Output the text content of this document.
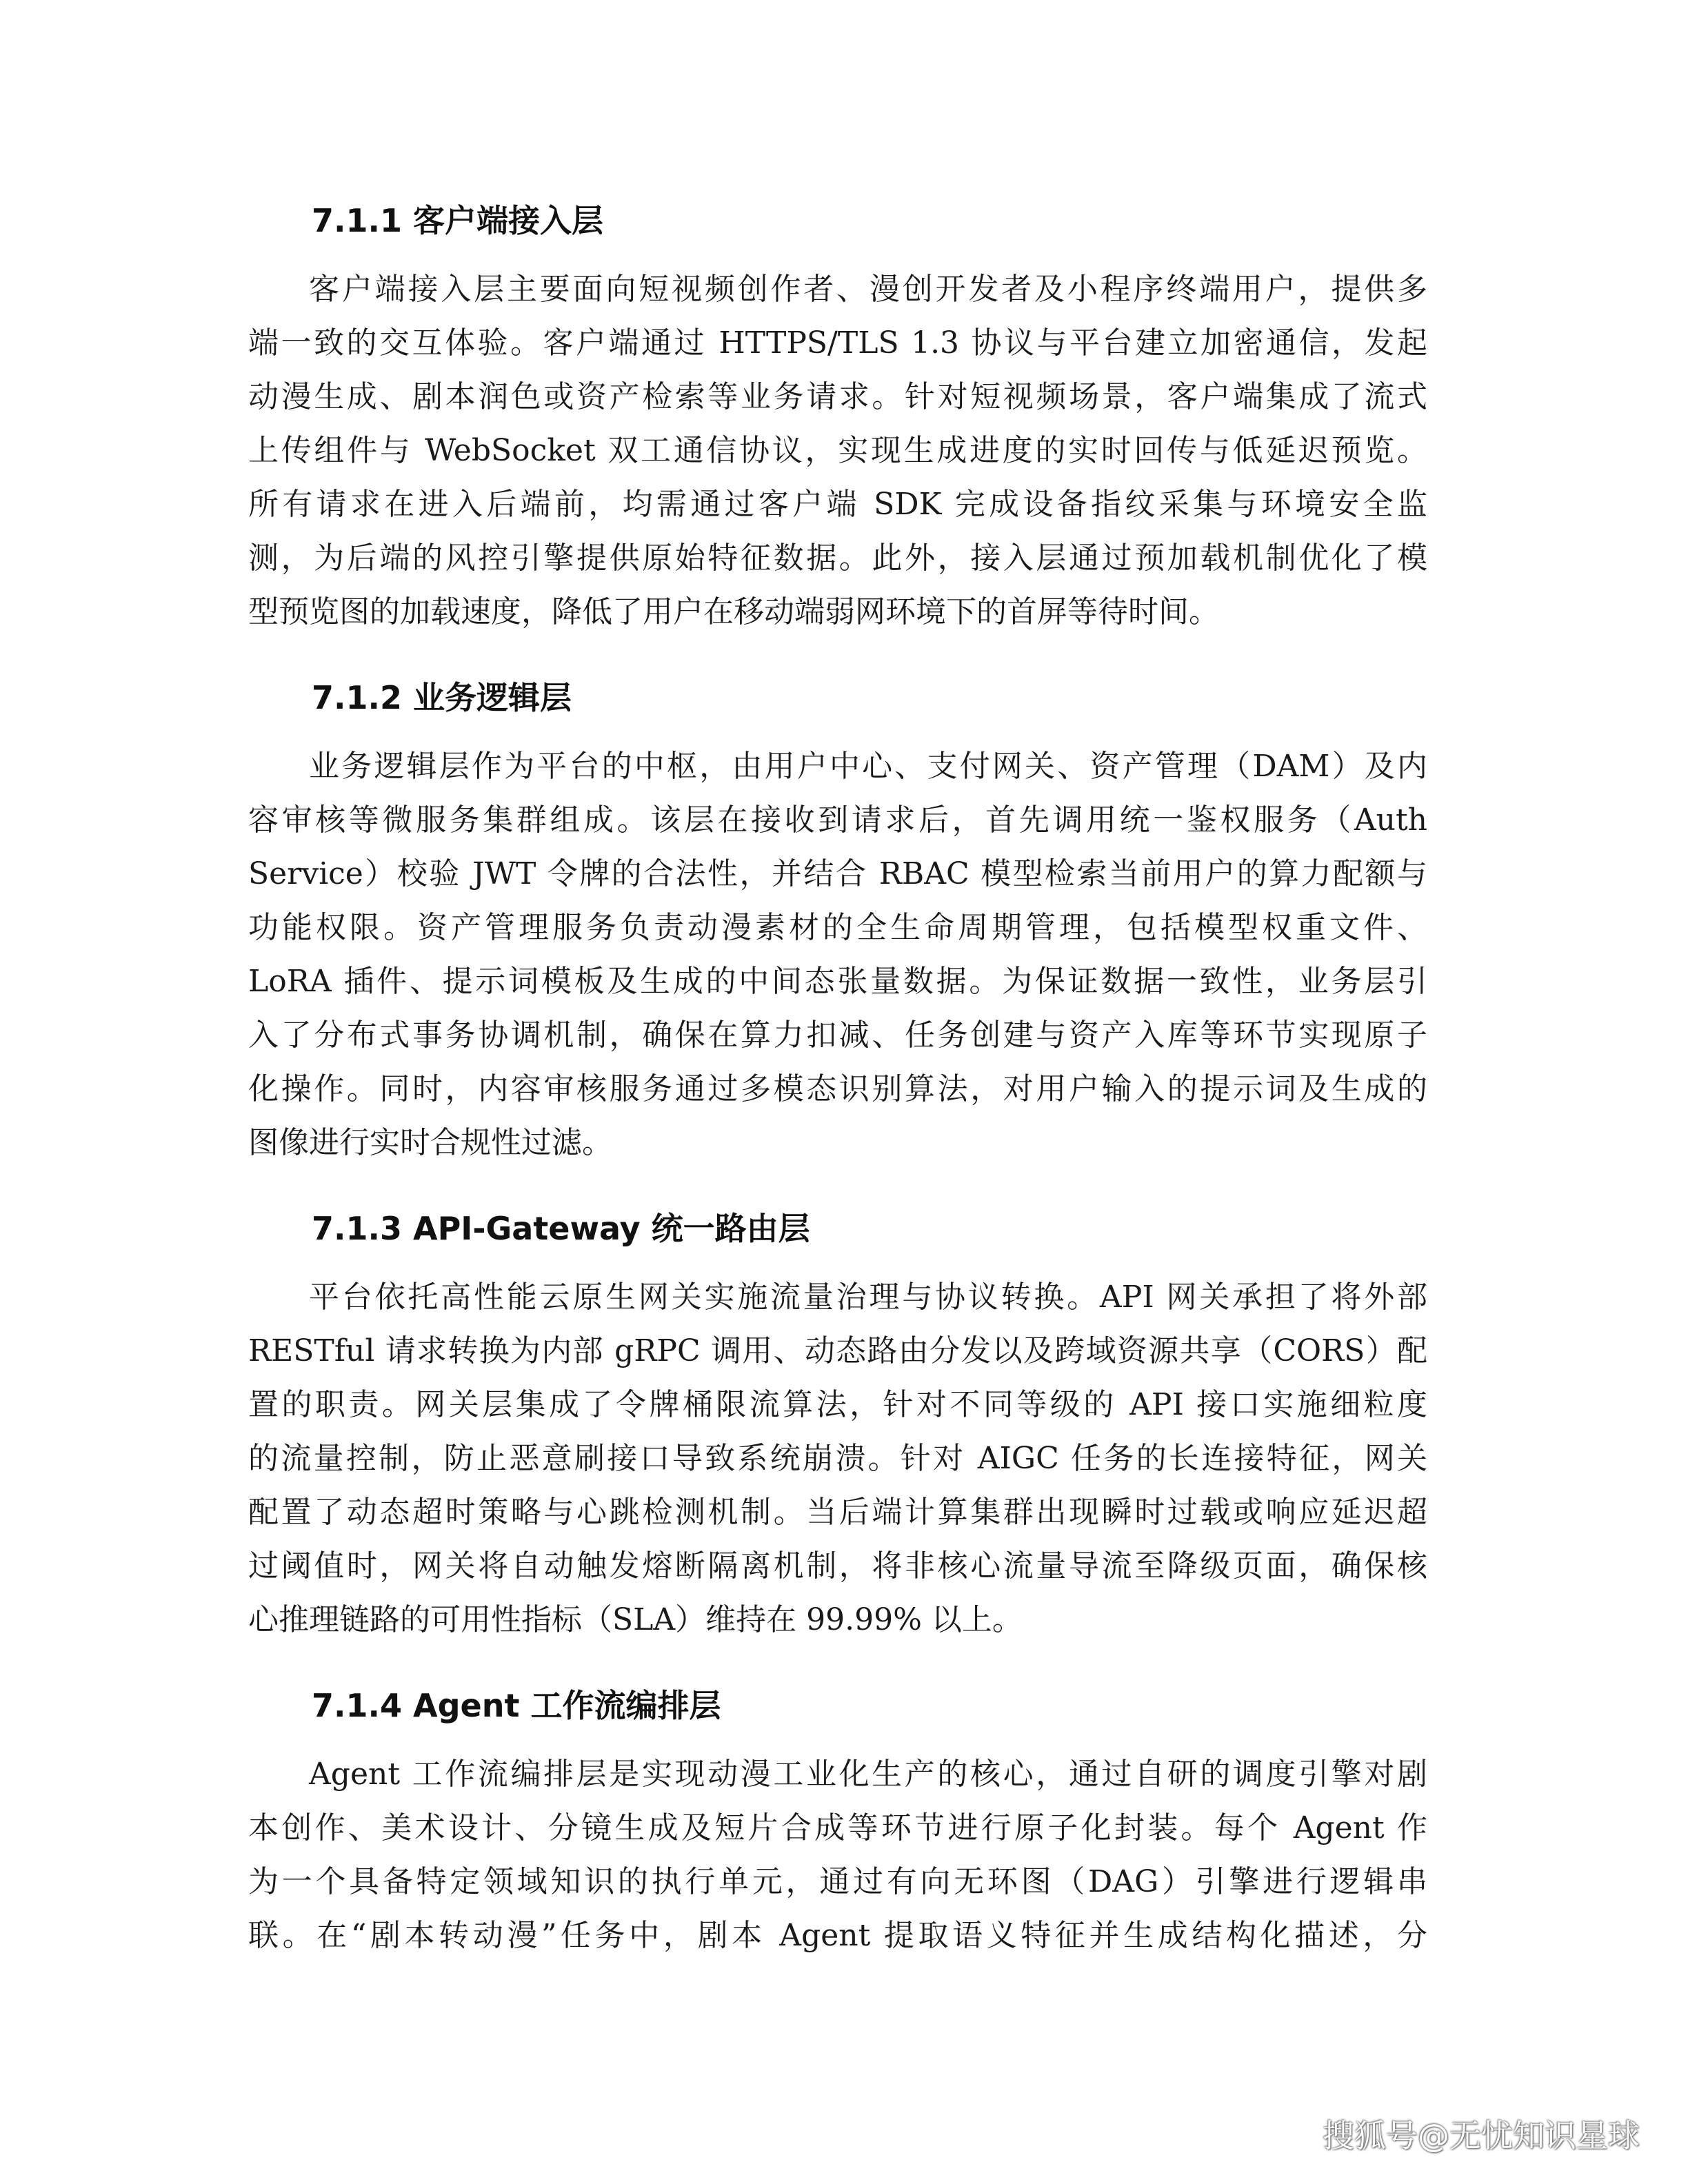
7.1.1 客户端接入层
客户端接入层主要面向短视频创作者、漫创开发者及小程序终端用户，提供多
端一致的交互体验。客户端通过 HTTPS/TLS 1.3 协议与平台建立加密通信，发起
动漫生成、剧本润色或资产检索等业务请求。针对短视频场景，客户端集成了流式
上传组件与 WebSocket 双工通信协议，实现生成进度的实时回传与低延迟预览。
所有请求在进入后端前，均需通过客户端 SDK 完成设备指纹采集与环境安全监
测，为后端的风控引擎提供原始特征数据。此外，接入层通过预加载机制优化了模
型预览图的加载速度，降低了用户在移动端弱网环境下的首屏等待时间。
7.1.2 业务逻辑层
业务逻辑层作为平台的中枢，由用户中心、支付网关、资产管理（DAM）及内
容审核等微服务集群组成。该层在接收到请求后，首先调用统一鉴权服务（Auth
Service）校验 JWT 令牌的合法性，并结合 RBAC 模型检索当前用户的算力配额与
功能权限。资产管理服务负责动漫素材的全生命周期管理，包括模型权重文件、
LoRA 插件、提示词模板及生成的中间态张量数据。为保证数据一致性，业务层引
入了分布式事务协调机制，确保在算力扣减、任务创建与资产入库等环节实现原子
化操作。同时，内容审核服务通过多模态识别算法，对用户输入的提示词及生成的
图像进行实时合规性过滤。
7.1.3 API-Gateway 统一路由层
平台依托高性能云原生网关实施流量治理与协议转换。API 网关承担了将外部
RESTful 请求转换为内部 gRPC 调用、动态路由分发以及跨域资源共享（CORS）配
置的职责。网关层集成了令牌桶限流算法，针对不同等级的 API 接口实施细粒度
的流量控制，防止恶意刷接口导致系统崩溃。针对 AIGC 任务的长连接特征，网关
配置了动态超时策略与心跳检测机制。当后端计算集群出现瞬时过载或响应延迟超
过阈值时，网关将自动触发熔断隔离机制，将非核心流量导流至降级页面，确保核
心推理链路的可用性指标（SLA）维持在 99.99% 以上。
7.1.4 Agent 工作流编排层
Agent 工作流编排层是实现动漫工业化生产的核心，通过自研的调度引擎对剧
本创作、美术设计、分镜生成及短片合成等环节进行原子化封装。每个 Agent 作
为一个具备特定领域知识的执行单元，通过有向无环图（DAG）引擎进行逻辑串
联。在“剧本转动漫”任务中，剧本 Agent 提取语义特征并生成结构化描述，分
搜狐号@无忧知识星球
